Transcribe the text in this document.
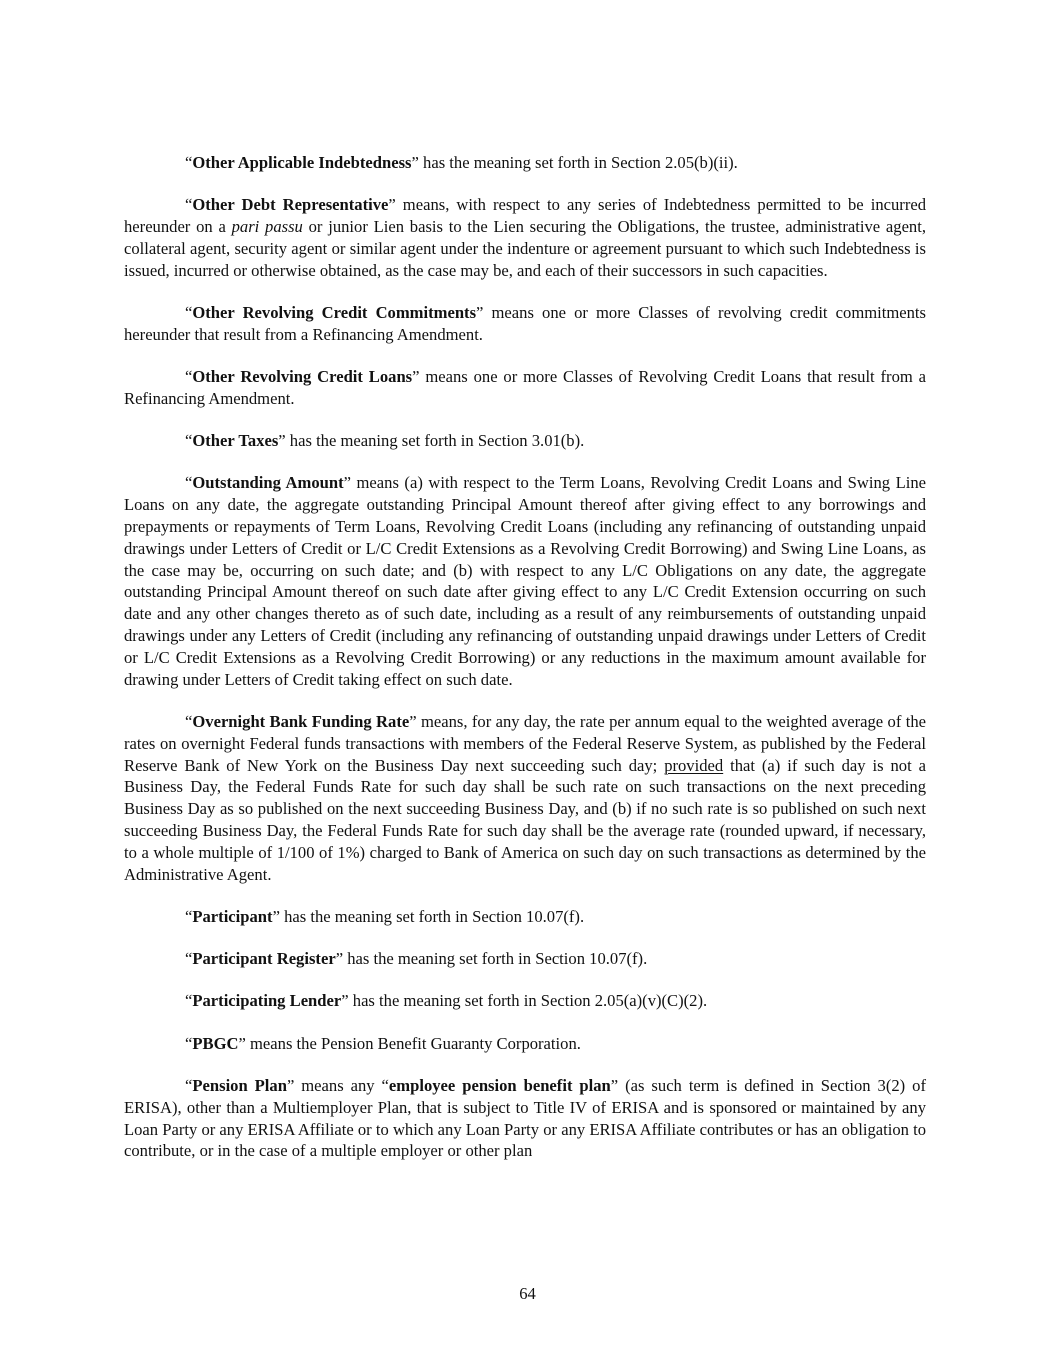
“Other Applicable Indebtedness” has the meaning set forth in Section 2.05(b)(ii).

“Other Debt Representative” means, with respect to any series of Indebtedness permitted to be incurred hereunder on a pari passu or junior Lien basis to the Lien securing the Obligations, the trustee, administrative agent, collateral agent, security agent or similar agent under the indenture or agreement pursuant to which such Indebtedness is issued, incurred or otherwise obtained, as the case may be, and each of their successors in such capacities.

“Other Revolving Credit Commitments” means one or more Classes of revolving credit commitments hereunder that result from a Refinancing Amendment.

“Other Revolving Credit Loans” means one or more Classes of Revolving Credit Loans that result from a Refinancing Amendment.

“Other Taxes” has the meaning set forth in Section 3.01(b).

“Outstanding Amount” means (a) with respect to the Term Loans, Revolving Credit Loans and Swing Line Loans on any date, the aggregate outstanding Principal Amount thereof after giving effect to any borrowings and prepayments or repayments of Term Loans, Revolving Credit Loans (including any refinancing of outstanding unpaid drawings under Letters of Credit or L/C Credit Extensions as a Revolving Credit Borrowing) and Swing Line Loans, as the case may be, occurring on such date; and (b) with respect to any L/C Obligations on any date, the aggregate outstanding Principal Amount thereof on such date after giving effect to any L/C Credit Extension occurring on such date and any other changes thereto as of such date, including as a result of any reimbursements of outstanding unpaid drawings under any Letters of Credit (including any refinancing of outstanding unpaid drawings under Letters of Credit or L/C Credit Extensions as a Revolving Credit Borrowing) or any reductions in the maximum amount available for drawing under Letters of Credit taking effect on such date.

“Overnight Bank Funding Rate” means, for any day, the rate per annum equal to the weighted average of the rates on overnight Federal funds transactions with members of the Federal Reserve System, as published by the Federal Reserve Bank of New York on the Business Day next succeeding such day; provided that (a) if such day is not a Business Day, the Federal Funds Rate for such day shall be such rate on such transactions on the next preceding Business Day as so published on the next succeeding Business Day, and (b) if no such rate is so published on such next succeeding Business Day, the Federal Funds Rate for such day shall be the average rate (rounded upward, if necessary, to a whole multiple of 1/100 of 1%) charged to Bank of America on such day on such transactions as determined by the Administrative Agent.

“Participant” has the meaning set forth in Section 10.07(f).

“Participant Register” has the meaning set forth in Section 10.07(f).

“Participating Lender” has the meaning set forth in Section 2.05(a)(v)(C)(2).

“PBGC” means the Pension Benefit Guaranty Corporation.

“Pension Plan” means any “employee pension benefit plan” (as such term is defined in Section 3(2) of ERISA), other than a Multiemployer Plan, that is subject to Title IV of ERISA and is sponsored or maintained by any Loan Party or any ERISA Affiliate or to which any Loan Party or any ERISA Affiliate contributes or has an obligation to contribute, or in the case of a multiple employer or other plan

64
